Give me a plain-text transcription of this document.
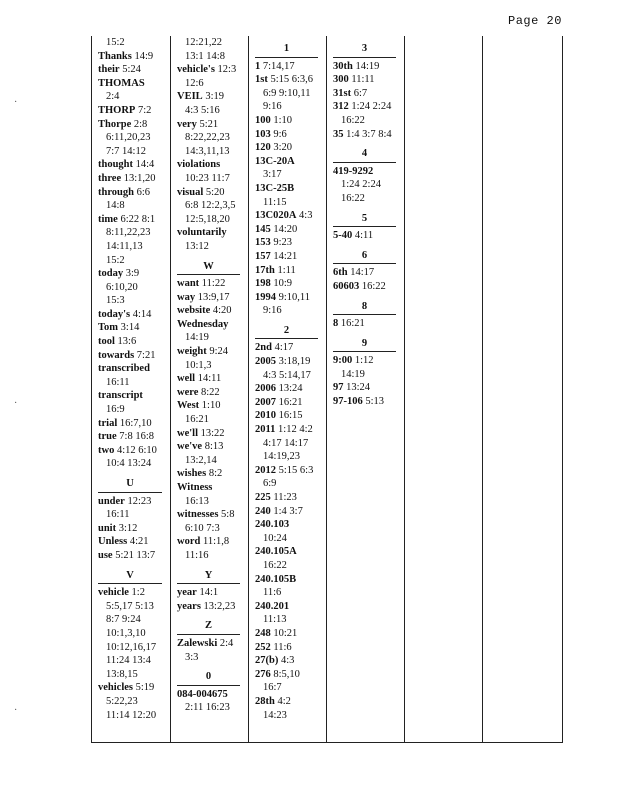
Page 20
15:2
Thanks 14:9
their 5:24
THOMAS
2:4
THORP 7:2
Thorpe 2:8
6:11,20,23
7:7 14:12
thought 14:4
three 13:1,20
through 6:6
14:8
time 6:22 8:1
8:11,22,23
14:11,13
15:2
today 3:9
6:10,20
15:3
today's 4:14
Tom 3:14
tool 13:6
towards 7:21
transcribed
16:11
transcript
16:9
trial 16:7,10
true 7:8 16:8
two 4:12 6:10
10:4 13:24
U
under 12:23
16:11
unit 3:12
Unless 4:21
use 5:21 13:7
V
vehicle 1:2
5:5,17 5:13
8:7 9:24
10:1,3,10
10:12,16,17
11:24 13:4
13:8,15
vehicles 5:19
5:22,23
11:14 12:20
12:21,22
13:1 14:8
vehicle's 12:3
12:6
VEIL 3:19
4:3 5:16
very 5:21
8:22,22,23
14:3,11,13
violations
10:23 11:7
visual 5:20
6:8 12:2,3,5
12:5,18,20
voluntarily
13:12
W
want 11:22
way 13:9,17
website 4:20
Wednesday
14:19
weight 9:24
10:1,3
well 14:11
were 8:22
West 1:10
16:21
we'll 13:22
we've 8:13
13:2,14
wishes 8:2
Witness
16:13
witnesses 5:8
6:10 7:3
word 11:1,8
11:16
Y
year 14:1
years 13:2,23
Z
Zalewski 2:4
3:3
0
084-004675
2:11 16:23
1
1 7:14,17
1st 5:15 6:3,6
6:9 9:10,11
9:16
100 1:10
103 9:6
120 3:20
13C-20A
3:17
13C-25B
11:15
13C020A 4:3
145 14:20
153 9:23
157 14:21
17th 1:11
198 10:9
1994 9:10,11
9:16
2
2nd 4:17
2005 3:18,19
4:3 5:14,17
2006 13:24
2007 16:21
2010 16:15
2011 1:12 4:2
4:17 14:17
14:19,23
2012 5:15 6:3
6:9
225 11:23
240 1:4 3:7
240.103
10:24
240.105A
16:22
240.105B
11:6
240.201
11:13
248 10:21
252 11:6
27(b) 4:3
276 8:5,10
16:7
28th 4:2
14:23
3
30th 14:19
300 11:11
31st 6:7
312 1:24 2:24
16:22
35 1:4 3:7 8:4
4
419-9292
1:24 2:24
16:22
5
5-40 4:11
6
6th 14:17
60603 16:22
8
8 16:21
9
9:00 1:12
14:19
97 13:24
97-106 5:13
·
·
·
